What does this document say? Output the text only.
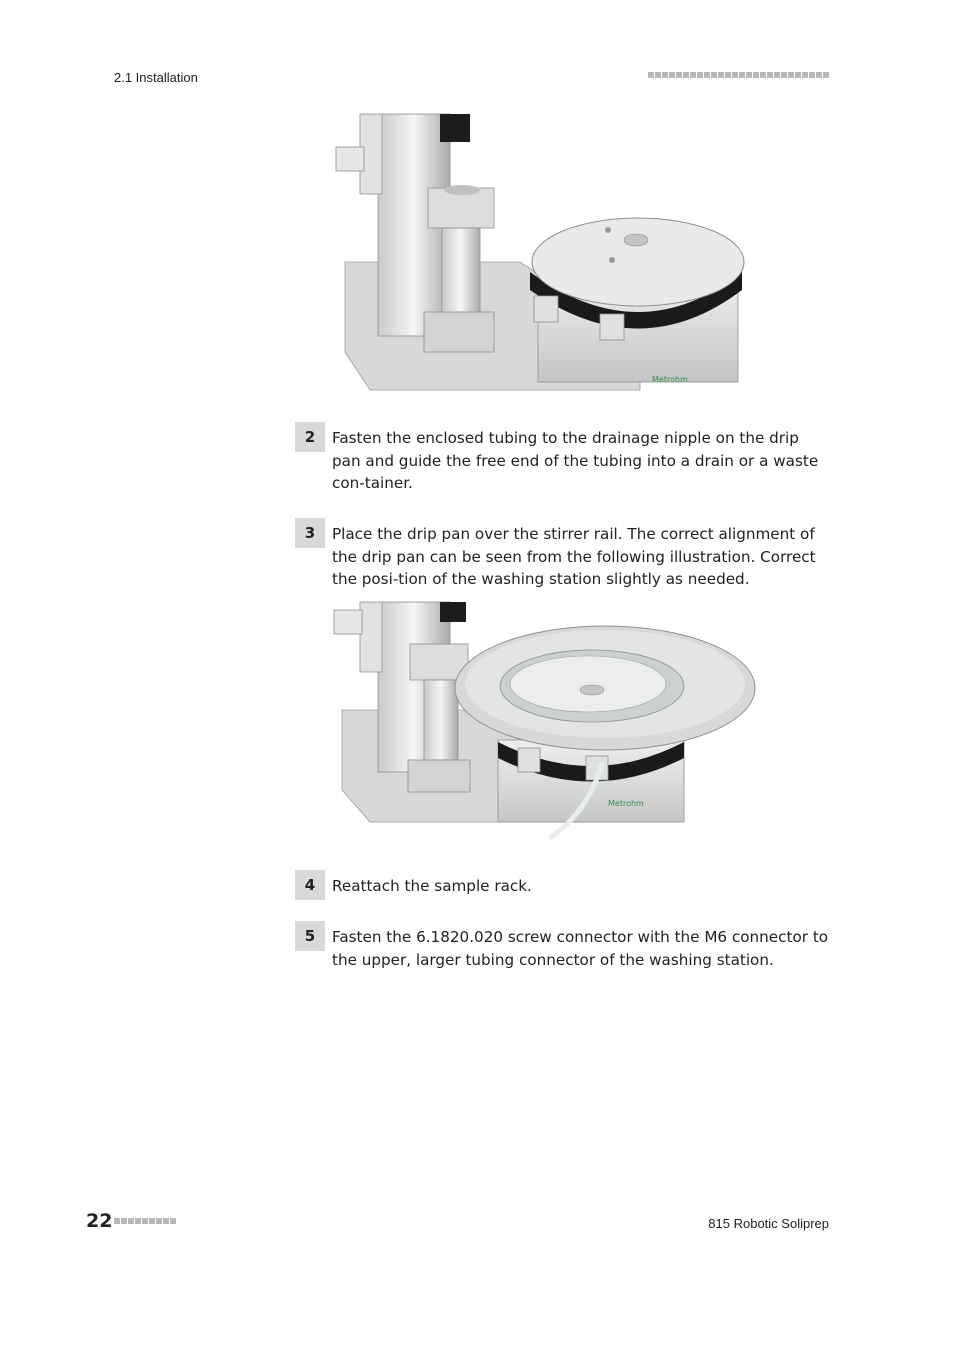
2.1 Installation
Metrohm
2	Fasten the enclosed tubing to the drainage nipple on the drip pan and guide the free end of the tubing into a drain or a waste con-tainer.
3	Place the drip pan over the stirrer rail. The correct alignment of the drip pan can be seen from the following illustration. Correct the posi-tion of the washing station slightly as needed.
Metrohm
4	Reattach the sample rack.
5	Fasten the 6.1820.020 screw connector with the M6 connector to the upper, larger tubing connector of the washing station.
22	815 Robotic Soliprep
